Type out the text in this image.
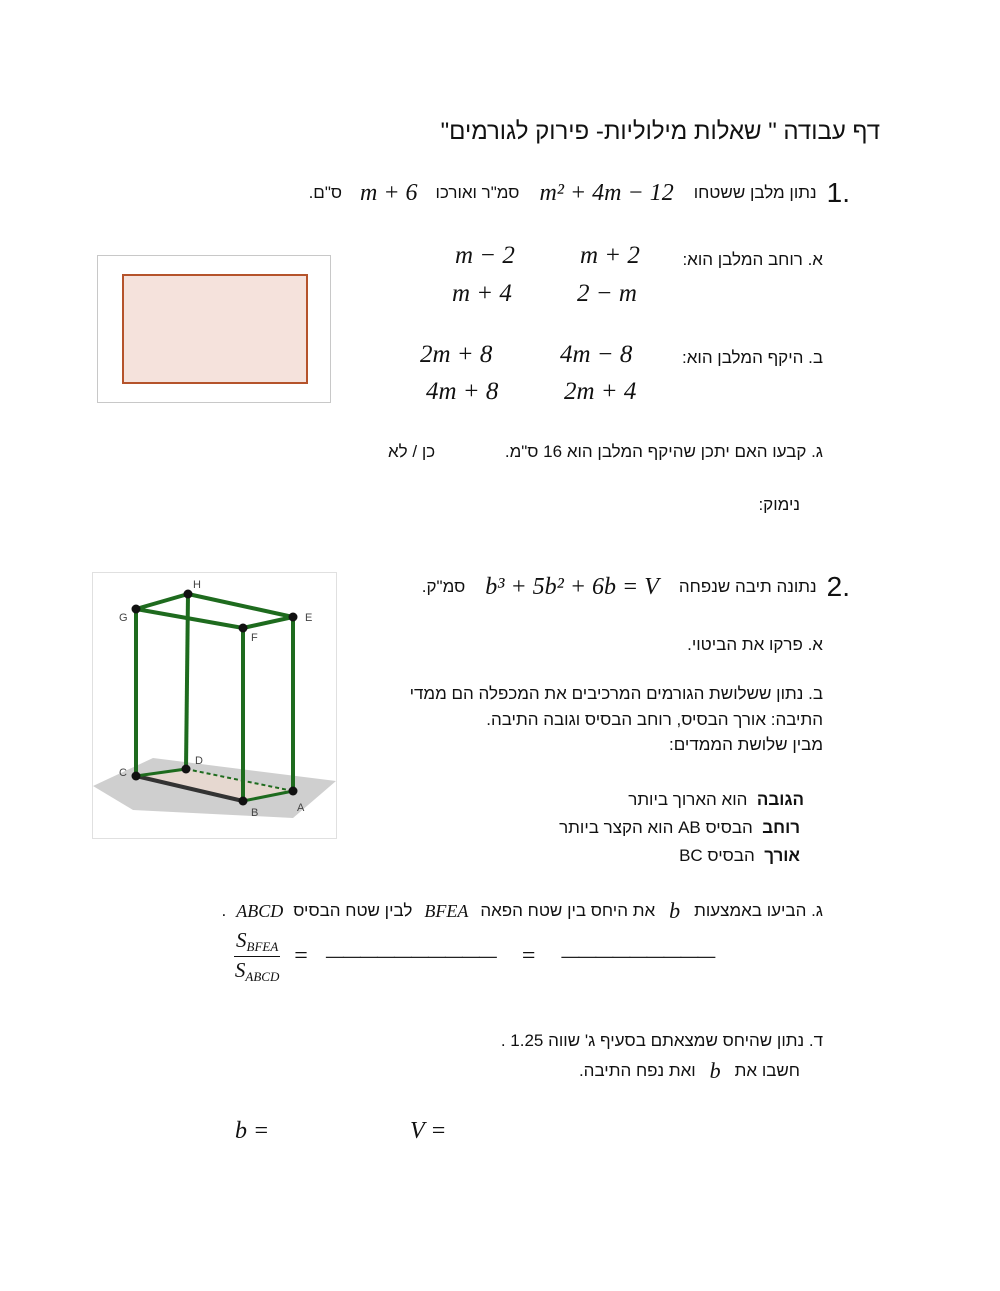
דף עבודה " שאלות מילוליות- פירוק לגורמים"
1.
נתון מלבן ששטחו
m² + 4m − 12
סמ"ר ואורכו
m + 6
ס"ם.
א. רוחב המלבן הוא:
m + 2
m − 2
2 − m
m + 4
ב. היקף המלבן הוא:
4m − 8
2m + 8
2m + 4
4m + 8
ג. קבעו האם יתכן שהיקף המלבן הוא 16 ס"מ.
כן / לא
נימוק:
H
G	E
F
C
D
B	A
2.
נתונה תיבה שנפחה
b³ + 5b² + 6b = V
סמ"ק.
א. פרקו את הביטוי.
ב. נתון ששלושת הגורמים המרכיבים את המכפלה הם ממדי
התיבה: אורך הבסיס, רוחב הבסיס וגובה התיבה.
מבין שלושת הממדים:
הגובה  הוא הארוך ביותר
רוחב  הבסיס AB הוא הקצר ביותר
אורך  הבסיס BC
ג. הביעו באמצעות
b
את היחס בין שטח הפאה
BFEA
לבין שטח הבסיס
ABCD
.
$\frac{S_{BFEA}}{S_{ABCD}}$ = —————————— = —————————
ד. נתון שהיחס שמצאתם בסעיף ג' שווה 1.25 .
חשבו את
b
ואת נפח התיבה.
b =	V =
